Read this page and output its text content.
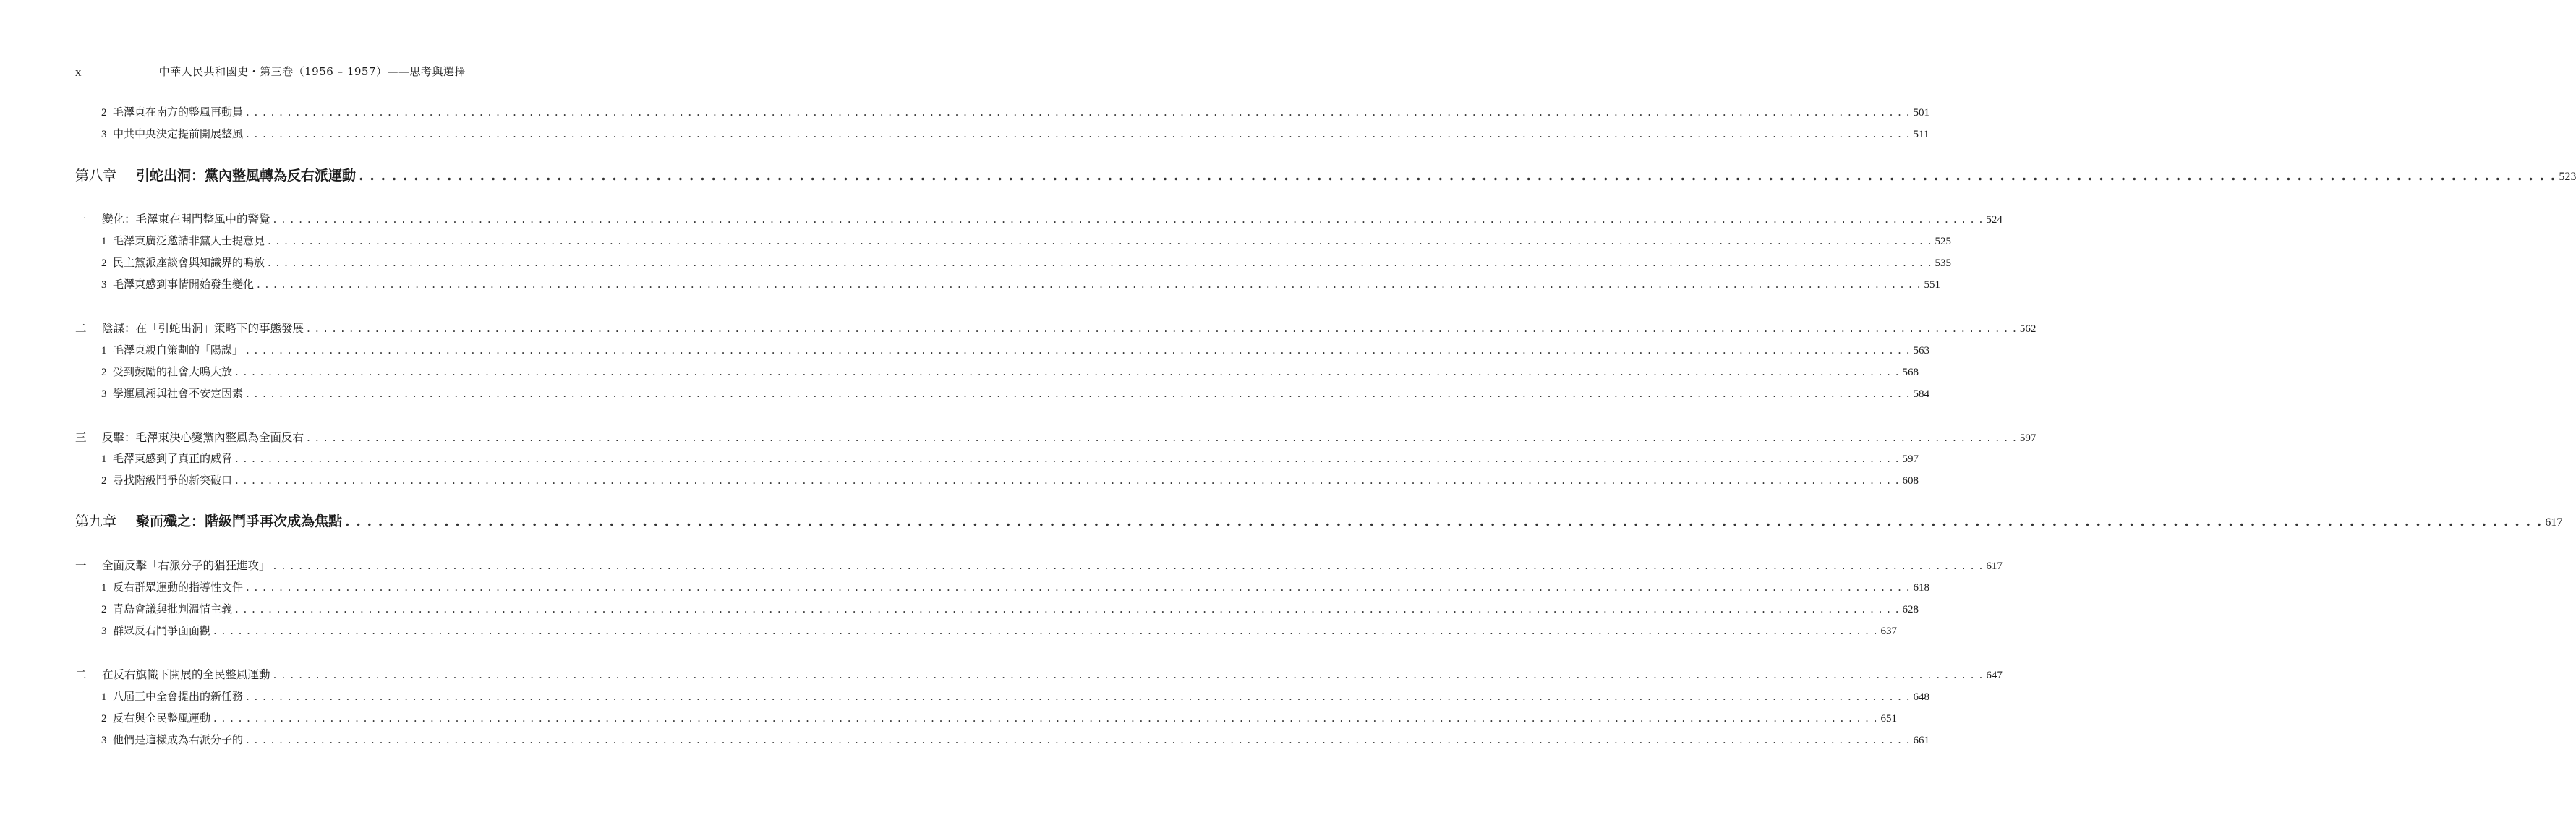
x	中華人民共和國史・第三卷（1956 – 1957）——思考與選擇
2 毛澤東在南方的整風再動員 . . . . . . . . . . . . . . . . . . . . . . . . . . . . . . . . . . . . . . . . . . . . . . . . . . . . . . . . . . . . . . . . . . . . . . . . . . . . . . . . . . . . . . . . . . . . . . . . . . . . . . . . . . . . . . . . . . . . . . . . . . . . . . . . . . . . . . . . . . . . . . . . . . . . . . . . . . . . . . . . . . . . . . . . . . . . . . . . . . . . . . . . . . . . . . . . . . . . . . . . 501
3 中共中央決定提前開展整風 . . . . . . . . . . . . . . . . . . . . . . . . . . . . . . . . . . . . . . . . . . . . . . . . . . . . . . . . . . . . . . . . . . . . . . . . . . . . . . . . . . . . . . . . . . . . . . . . . . . . . . . . . . . . . . . . . . . . . . . . . . . . . . . . . . . . . . . . . . . . . . . . . . . . . . . . . . . . . . . . . . . . . . . . . . . . . . . . . . . . . . . . . . . . . . . . . . . . . . . . 511
第八章 引蛇出洞：黨內整風轉為反右派運動 . . . . . . . . . . . . . . . . . . . . . . . . . . . . . . . . . . . . . . . . . . . . . . . . . . . . . . . . . . . . . . . . . . . . . . . . . . . . . . . . . . . . . . . . . . . . . . . . . . . . . . . . . . . . . . . . . . . . . . . . . . . . . . . . . . . . . . . . . . . . . . . . . . . . . . . . . . . . . . . . . . . . . . . . . . . . . . . . . . . . . . . . . . . . . . . . . . . . . . . . 523
一 變化：毛澤東在開門整風中的警覺 . . . . . . . . . . . . . . . . . . . . . . . . . . . . . . . . . . . . . . . . . . . . . . . . . . . . . . . . . . . . . . . . . . . . . . . . . . . . . . . . . . . . . . . . . . . . . . . . . . . . . . . . . . . . . . . . . . . . . . . . . . . . . . . . . . . . . . . . . . . . . . . . . . . . . . . . . . . . . . . . . . . . . . . . . . . . . . . . . . . . . . . . . . . . . . . . . . . . . . . . 524
1 毛澤東廣泛邀請非黨人士提意見 . . . . . . . . . . . . . . . . . . . . . . . . . . . . . . . . . . . . . . . . . . . . . . . . . . . . . . . . . . . . . . . . . . . . . . . . . . . . . . . . . . . . . . . . . . . . . . . . . . . . . . . . . . . . . . . . . . . . . . . . . . . . . . . . . . . . . . . . . . . . . . . . . . . . . . . . . . . . . . . . . . . . . . . . . . . . . . . . . . . . . . . . . . . . . . . . . . . . . . . . 525
2 民主黨派座談會與知識界的鳴放 . . . . . . . . . . . . . . . . . . . . . . . . . . . . . . . . . . . . . . . . . . . . . . . . . . . . . . . . . . . . . . . . . . . . . . . . . . . . . . . . . . . . . . . . . . . . . . . . . . . . . . . . . . . . . . . . . . . . . . . . . . . . . . . . . . . . . . . . . . . . . . . . . . . . . . . . . . . . . . . . . . . . . . . . . . . . . . . . . . . . . . . . . . . . . . . . . . . . . . . . 535
3 毛澤東感到事情開始發生變化 . . . . . . . . . . . . . . . . . . . . . . . . . . . . . . . . . . . . . . . . . . . . . . . . . . . . . . . . . . . . . . . . . . . . . . . . . . . . . . . . . . . . . . . . . . . . . . . . . . . . . . . . . . . . . . . . . . . . . . . . . . . . . . . . . . . . . . . . . . . . . . . . . . . . . . . . . . . . . . . . . . . . . . . . . . . . . . . . . . . . . . . . . . . . . . . . . . . . . . . . 551
二 陰謀：在「引蛇出洞」策略下的事態發展 . . . . . . . . . . . . . . . . . . . . . . . . . . . . . . . . . . . . . . . . . . . . . . . . . . . . . . . . . . . . . . . . . . . . . . . . . . . . . . . . . . . . . . . . . . . . . . . . . . . . . . . . . . . . . . . . . . . . . . . . . . . . . . . . . . . . . . . . . . . . . . . . . . . . . . . . . . . . . . . . . . . . . . . . . . . . . . . . . . . . . . . . . . . . . . . . . . . . . . . . 562
1 毛澤東親自策劃的「陽謀」 . . . . . . . . . . . . . . . . . . . . . . . . . . . . . . . . . . . . . . . . . . . . . . . . . . . . . . . . . . . . . . . . . . . . . . . . . . . . . . . . . . . . . . . . . . . . . . . . . . . . . . . . . . . . . . . . . . . . . . . . . . . . . . . . . . . . . . . . . . . . . . . . . . . . . . . . . . . . . . . . . . . . . . . . . . . . . . . . . . . . . . . . . . . . . . . . . . . . . . . . 563
2 受到鼓勵的社會大鳴大放 . . . . . . . . . . . . . . . . . . . . . . . . . . . . . . . . . . . . . . . . . . . . . . . . . . . . . . . . . . . . . . . . . . . . . . . . . . . . . . . . . . . . . . . . . . . . . . . . . . . . . . . . . . . . . . . . . . . . . . . . . . . . . . . . . . . . . . . . . . . . . . . . . . . . . . . . . . . . . . . . . . . . . . . . . . . . . . . . . . . . . . . . . . . . . . . . . . . . . . . . 568
3 學運風潮與社會不安定因素 . . . . . . . . . . . . . . . . . . . . . . . . . . . . . . . . . . . . . . . . . . . . . . . . . . . . . . . . . . . . . . . . . . . . . . . . . . . . . . . . . . . . . . . . . . . . . . . . . . . . . . . . . . . . . . . . . . . . . . . . . . . . . . . . . . . . . . . . . . . . . . . . . . . . . . . . . . . . . . . . . . . . . . . . . . . . . . . . . . . . . . . . . . . . . . . . . . . . . . . . 584
三 反擊：毛澤東決心變黨內整風為全面反右 . . . . . . . . . . . . . . . . . . . . . . . . . . . . . . . . . . . . . . . . . . . . . . . . . . . . . . . . . . . . . . . . . . . . . . . . . . . . . . . . . . . . . . . . . . . . . . . . . . . . . . . . . . . . . . . . . . . . . . . . . . . . . . . . . . . . . . . . . . . . . . . . . . . . . . . . . . . . . . . . . . . . . . . . . . . . . . . . . . . . . . . . . . . . . . . . . . . . . . . . 597
1 毛澤東感到了真正的威脅 . . . . . . . . . . . . . . . . . . . . . . . . . . . . . . . . . . . . . . . . . . . . . . . . . . . . . . . . . . . . . . . . . . . . . . . . . . . . . . . . . . . . . . . . . . . . . . . . . . . . . . . . . . . . . . . . . . . . . . . . . . . . . . . . . . . . . . . . . . . . . . . . . . . . . . . . . . . . . . . . . . . . . . . . . . . . . . . . . . . . . . . . . . . . . . . . . . . . . . . . 597
2 尋找階級鬥爭的新突破口 . . . . . . . . . . . . . . . . . . . . . . . . . . . . . . . . . . . . . . . . . . . . . . . . . . . . . . . . . . . . . . . . . . . . . . . . . . . . . . . . . . . . . . . . . . . . . . . . . . . . . . . . . . . . . . . . . . . . . . . . . . . . . . . . . . . . . . . . . . . . . . . . . . . . . . . . . . . . . . . . . . . . . . . . . . . . . . . . . . . . . . . . . . . . . . . . . . . . . . . . 608
第九章 聚而殲之：階級鬥爭再次成為焦點 . . . . . . . . . . . . . . . . . . . . . . . . . . . . . . . . . . . . . . . . . . . . . . . . . . . . . . . . . . . . . . . . . . . . . . . . . . . . . . . . . . . . . . . . . . . . . . . . . . . . . . . . . . . . . . . . . . . . . . . . . . . . . . . . . . . . . . . . . . . . . . . . . . . . . . . . . . . . . . . . . . . . . . . . . . . . . . . . . . . . . . . . . . . . . . . . . . . . . . . . 617
一 全面反擊「右派分子的猖狂進攻」 . . . . . . . . . . . . . . . . . . . . . . . . . . . . . . . . . . . . . . . . . . . . . . . . . . . . . . . . . . . . . . . . . . . . . . . . . . . . . . . . . . . . . . . . . . . . . . . . . . . . . . . . . . . . . . . . . . . . . . . . . . . . . . . . . . . . . . . . . . . . . . . . . . . . . . . . . . . . . . . . . . . . . . . . . . . . . . . . . . . . . . . . . . . . . . . . . . . . . . . . 617
1 反右群眾運動的指導性文件 . . . . . . . . . . . . . . . . . . . . . . . . . . . . . . . . . . . . . . . . . . . . . . . . . . . . . . . . . . . . . . . . . . . . . . . . . . . . . . . . . . . . . . . . . . . . . . . . . . . . . . . . . . . . . . . . . . . . . . . . . . . . . . . . . . . . . . . . . . . . . . . . . . . . . . . . . . . . . . . . . . . . . . . . . . . . . . . . . . . . . . . . . . . . . . . . . . . . . . . . 618
2 青島會議與批判溫情主義 . . . . . . . . . . . . . . . . . . . . . . . . . . . . . . . . . . . . . . . . . . . . . . . . . . . . . . . . . . . . . . . . . . . . . . . . . . . . . . . . . . . . . . . . . . . . . . . . . . . . . . . . . . . . . . . . . . . . . . . . . . . . . . . . . . . . . . . . . . . . . . . . . . . . . . . . . . . . . . . . . . . . . . . . . . . . . . . . . . . . . . . . . . . . . . . . . . . . . . . . 628
3 群眾反右鬥爭面面觀 . . . . . . . . . . . . . . . . . . . . . . . . . . . . . . . . . . . . . . . . . . . . . . . . . . . . . . . . . . . . . . . . . . . . . . . . . . . . . . . . . . . . . . . . . . . . . . . . . . . . . . . . . . . . . . . . . . . . . . . . . . . . . . . . . . . . . . . . . . . . . . . . . . . . . . . . . . . . . . . . . . . . . . . . . . . . . . . . . . . . . . . . . . . . . . . . . . . . . . . . 637
二 在反右旗幟下開展的全民整風運動 . . . . . . . . . . . . . . . . . . . . . . . . . . . . . . . . . . . . . . . . . . . . . . . . . . . . . . . . . . . . . . . . . . . . . . . . . . . . . . . . . . . . . . . . . . . . . . . . . . . . . . . . . . . . . . . . . . . . . . . . . . . . . . . . . . . . . . . . . . . . . . . . . . . . . . . . . . . . . . . . . . . . . . . . . . . . . . . . . . . . . . . . . . . . . . . . . . . . . . . . 647
1 八屆三中全會提出的新任務 . . . . . . . . . . . . . . . . . . . . . . . . . . . . . . . . . . . . . . . . . . . . . . . . . . . . . . . . . . . . . . . . . . . . . . . . . . . . . . . . . . . . . . . . . . . . . . . . . . . . . . . . . . . . . . . . . . . . . . . . . . . . . . . . . . . . . . . . . . . . . . . . . . . . . . . . . . . . . . . . . . . . . . . . . . . . . . . . . . . . . . . . . . . . . . . . . . . . . . . . 648
2 反右與全民整風運動 . . . . . . . . . . . . . . . . . . . . . . . . . . . . . . . . . . . . . . . . . . . . . . . . . . . . . . . . . . . . . . . . . . . . . . . . . . . . . . . . . . . . . . . . . . . . . . . . . . . . . . . . . . . . . . . . . . . . . . . . . . . . . . . . . . . . . . . . . . . . . . . . . . . . . . . . . . . . . . . . . . . . . . . . . . . . . . . . . . . . . . . . . . . . . . . . . . . . . . . . 651
3 他們是這樣成為右派分子的 . . . . . . . . . . . . . . . . . . . . . . . . . . . . . . . . . . . . . . . . . . . . . . . . . . . . . . . . . . . . . . . . . . . . . . . . . . . . . . . . . . . . . . . . . . . . . . . . . . . . . . . . . . . . . . . . . . . . . . . . . . . . . . . . . . . . . . . . . . . . . . . . . . . . . . . . . . . . . . . . . . . . . . . . . . . . . . . . . . . . . . . . . . . . . . . . . . . . . . . . 661
